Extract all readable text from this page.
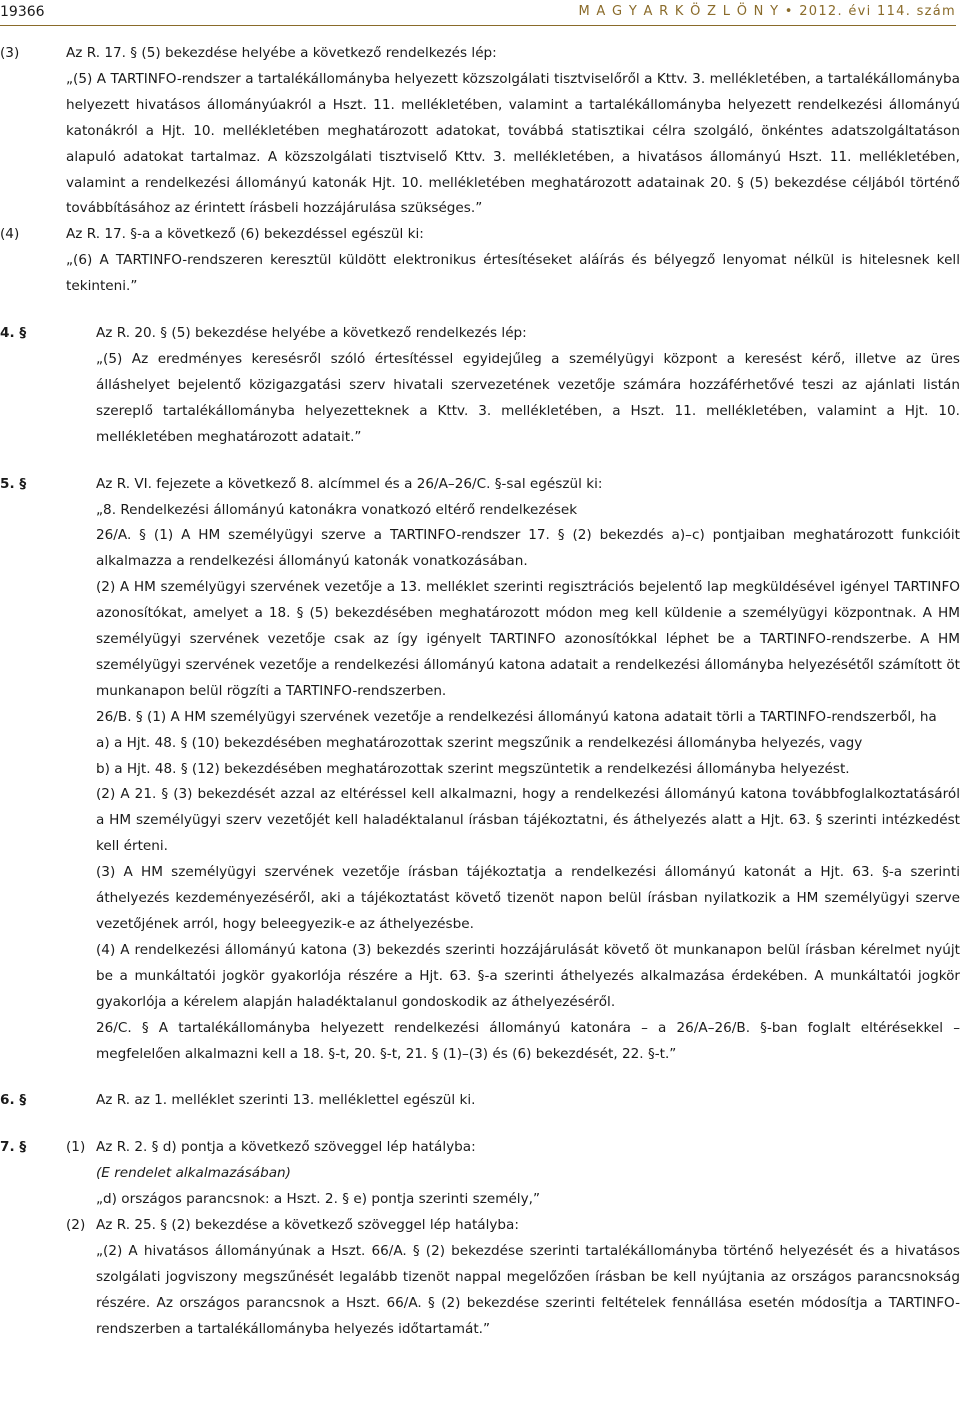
19366	M A G Y A R K Ö Z L Ö N Y • 2012. évi 114. szám
(3)	Az R. 17. § (5) bekezdése helyébe a következő rendelkezés lép:
„(5) A TARTINFO-rendszer a tartalékállományba helyezett közszolgálati tisztviselőről a Kttv. 3. mellékletében, a tartalékállományba helyezett hivatásos állományúakról a Hszt. 11. mellékletében, valamint a tartalékállományba helyezett rendelkezési állományú katonákról a Hjt. 10. mellékletében meghatározott adatokat, továbbá statisztikai célra szolgáló, önkéntes adatszolgáltatáson alapuló adatokat tartalmaz. A közszolgálati tisztviselő Kttv. 3. mellékletében, a hivatásos állományú Hszt. 11. mellékletében, valamint a rendelkezési állományú katonák Hjt. 10. mellékletében meghatározott adatainak 20. § (5) bekezdése céljából történő továbbításához az érintett írásbeli hozzájárulása szükséges.”
(4)	Az R. 17. §-a a következő (6) bekezdéssel egészül ki:
„(6) A TARTINFO-rendszeren keresztül küldött elektronikus értesítéseket aláírás és bélyegző lenyomat nélkül is hitelesnek kell tekinteni.”
4. §	Az R. 20. § (5) bekezdése helyébe a következő rendelkezés lép:
„(5) Az eredményes keresésről szóló értesítéssel egyidejűleg a személyügyi központ a keresést kérő, illetve az üres álláshelyet bejelentő közigazgatási szerv hivatali szervezetének vezetője számára hozzáférhetővé teszi az ajánlati listán szereplő tartalékállományba helyezetteknek a Kttv. 3. mellékletében, a Hszt. 11. mellékletében, valamint a Hjt. 10. mellékletében meghatározott adatait.”
5. §	Az R. VI. fejezete a következő 8. alcímmel és a 26/A–26/C. §-sal egészül ki:
„8. Rendelkezési állományú katonákra vonatkozó eltérő rendelkezések
26/A. § (1) A HM személyügyi szerve a TARTINFO-rendszer 17. § (2) bekezdés a)–c) pontjaiban meghatározott funkcióit alkalmazza a rendelkezési állományú katonák vonatkozásában.
(2) A HM személyügyi szervének vezetője a 13. melléklet szerinti regisztrációs bejelentő lap megküldésével igényel TARTINFO azonosítókat, amelyet a 18. § (5) bekezdésében meghatározott módon meg kell küldenie a személyügyi központnak. A HM személyügyi szervének vezetője csak az így igényelt TARTINFO azonosítókkal léphet be a TARTINFO-rendszerbe. A HM személyügyi szervének vezetője a rendelkezési állományú katona adatait a rendelkezési állományba helyezésétől számított öt munkanapon belül rögzíti a TARTINFO-rendszerben.
26/B. § (1) A HM személyügyi szervének vezetője a rendelkezési állományú katona adatait törli a TARTINFO-rendszerből, ha
a) a Hjt. 48. § (10) bekezdésében meghatározottak szerint megszűnik a rendelkezési állományba helyezés, vagy
b) a Hjt. 48. § (12) bekezdésében meghatározottak szerint megszüntetik a rendelkezési állományba helyezést.
(2) A 21. § (3) bekezdését azzal az eltéréssel kell alkalmazni, hogy a rendelkezési állományú katona továbbfoglalkoztatásáról a HM személyügyi szerv vezetőjét kell haladéktalanul írásban tájékoztatni, és áthelyezés alatt a Hjt. 63. § szerinti intézkedést kell érteni.
(3) A HM személyügyi szervének vezetője írásban tájékoztatja a rendelkezési állományú katonát a Hjt. 63. §-a szerinti áthelyezés kezdeményezéséről, aki a tájékoztatást követő tizenöt napon belül írásban nyilatkozik a HM személyügyi szerve vezetőjének arról, hogy beleegyezik-e az áthelyezésbe.
(4) A rendelkezési állományú katona (3) bekezdés szerinti hozzájárulását követő öt munkanapon belül írásban kérelmet nyújt be a munkáltatói jogkör gyakorlója részére a Hjt. 63. §-a szerinti áthelyezés alkalmazása érdekében. A munkáltatói jogkör gyakorlója a kérelem alapján haladéktalanul gondoskodik az áthelyezéséről.
26/C. § A tartalékállományba helyezett rendelkezési állományú katonára – a 26/A–26/B. §-ban foglalt eltérésekkel – megfelelően alkalmazni kell a 18. §-t, 20. §-t, 21. § (1)–(3) és (6) bekezdését, 22. §-t.”
6. §	Az R. az 1. melléklet szerinti 13. melléklettel egészül ki.
7. §	(1) Az R. 2. § d) pontja a következő szöveggel lép hatályba:
(E rendelet alkalmazásában)
„d) országos parancsnok: a Hszt. 2. § e) pontja szerinti személy,”
(2) Az R. 25. § (2) bekezdése a következő szöveggel lép hatályba:
„(2) A hivatásos állományúnak a Hszt. 66/A. § (2) bekezdése szerinti tartalékállományba történő helyezését és a hivatásos szolgálati jogviszony megszűnését legalább tizenöt nappal megelőzően írásban be kell nyújtania az országos parancsnokság részére. Az országos parancsnok a Hszt. 66/A. § (2) bekezdése szerinti feltételek fennállása esetén módosítja a TARTINFO-rendszerben a tartalékállományba helyezés időtartamát.”
